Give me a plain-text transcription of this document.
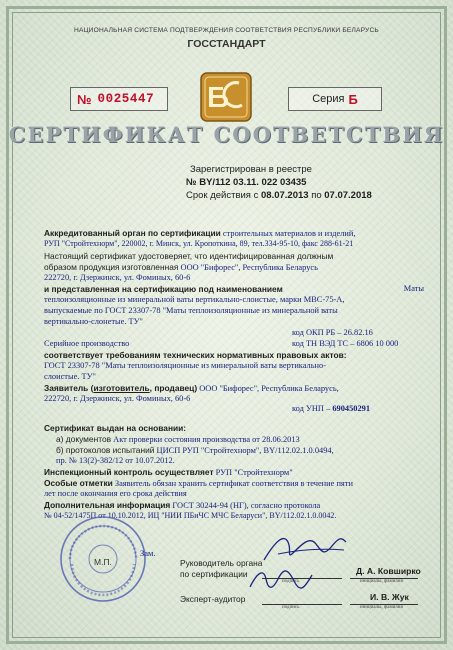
НАЦИОНАЛЬНАЯ СИСТЕМА ПОДТВЕРЖДЕНИЯ СООТВЕТСТВИЯ РЕСПУБЛИКИ БЕЛАРУСЬ
ГОССТАНДАРТ
№ 0025447	Серия Б
СЕРТИФИКАТ СООТВЕТСТВИЯ
Зарегистрирован в реестре
№ BY/112 03.11. 022 03435
Срок действия с 08.07.2013 по 07.07.2018
Аккредитованный орган по сертификации строительных материалов и изделий,
РУП "Стройтехнорм", 220002, г. Минск, ул. Кропоткина, 89, тел.334-95-10, факс 288-61-21
Настоящий сертификат удостоверяет, что идентифицированная должным
образом продукция изготовленная ООО "Бифорес", Республика Беларусь
222720, г. Дзержинск, ул. Фоминых, 60-6
и представленная на сертификацию под наименованием	Маты
теплоизоляционные из минеральной ваты вертикально-слоистые, марки МВС-75-А,
выпускаемые по ГОСТ 23307-78 "Маты теплоизоляционные из минеральной ваты
вертикально-слонетые. ТУ"
код ОКП РБ – 26.82.16
код ТН ВЭД ТС – 6806 10 000
Серийное производство
соответствует требованиям технических нормативных правовых актов:
ГОСТ 23307-78 "Маты теплоизоляционные из минеральной ваты вертикально-
слоистые. ТУ"
Заявитель (изготовитель, продавец) ООО "Бифорес", Республика Беларусь,
222720, г. Дзержинск, ул. Фоминых, 60-6
код УНП – 690450291
Сертификат выдан на основании:
а) документов Акт проверки состояния производства от 28.06.2013
б) протоколов испытаний ЦИСП РУП "Стройтехнорм", BY/112.02.1.0.0494,
пр. № 13(2)-382/12 от 10.07.2012.
Инспекционный контроль осуществляет РУП "Стройтехнорм"
Особые отметки Заявитель обязан хранить сертификат соответствия в течение пяти
лет после окончания его срока действия
Дополнительная информация ГОСТ 30244-94 (НГ), согласно протокола
№ 04-52/1475П от 10.10.2012, ИЦ "НИИ ПБиЧС МЧС Беларуси", BY/112.02.1.0.0042.
М.П.
Зам.
Руководитель органа
по сертификации
подпись
Д. А. Ковширко
инициалы, фамилия
Эксперт-аудитор
подпись
И. В. Жук
инициалы, фамилия
